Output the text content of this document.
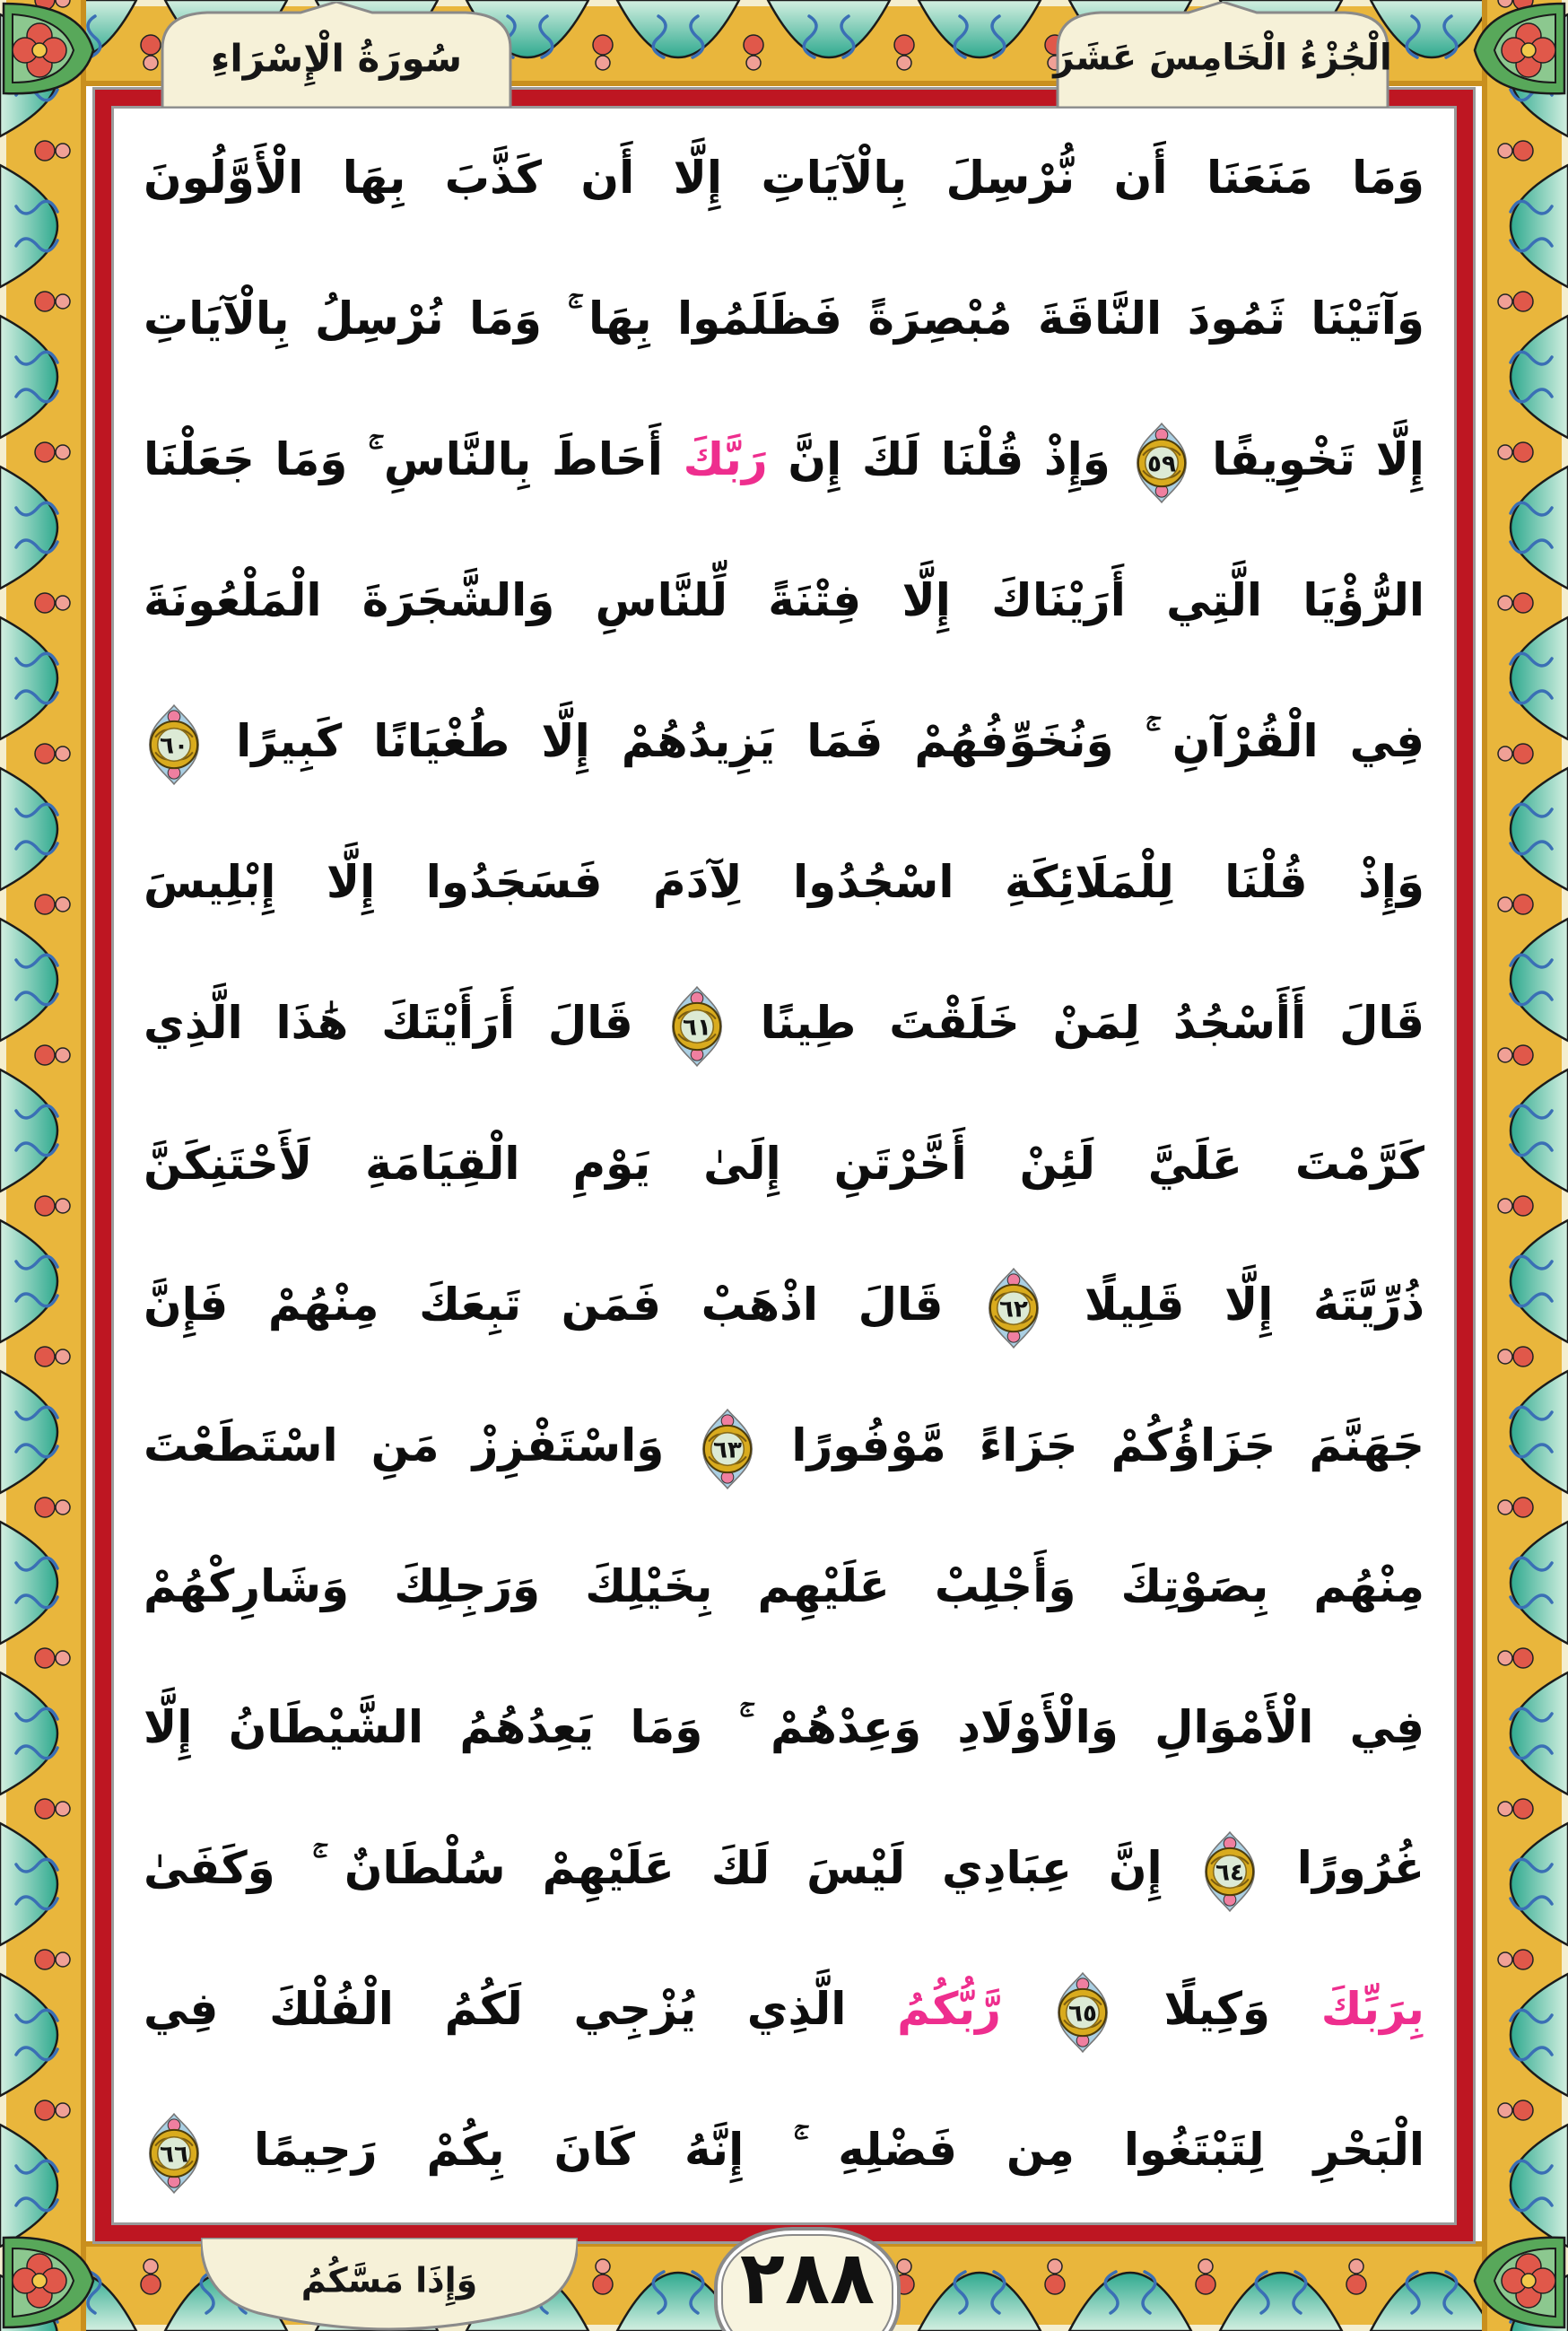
سُورَةُ الْإِسْرَاءِ	الْجُزْءُ الْخَامِسَ عَشَرَ
وَمَا مَنَعَنَا أَن نُّرْسِلَ بِالْآيَاتِ إِلَّا أَن كَذَّبَ بِهَا الْأَوَّلُونَ
وَآتَيْنَا ثَمُودَ النَّاقَةَ مُبْصِرَةً فَظَلَمُوا بِهَا ۚ وَمَا نُرْسِلُ بِالْآيَاتِ
إِلَّا تَخْوِيفًا
٥٩
وَإِذْ قُلْنَا لَكَ إِنَّ رَبَّكَ أَحَاطَ بِالنَّاسِ ۚ وَمَا جَعَلْنَا
الرُّؤْيَا الَّتِي أَرَيْنَاكَ إِلَّا فِتْنَةً لِّلنَّاسِ وَالشَّجَرَةَ الْمَلْعُونَةَ
فِي الْقُرْآنِ ۚ وَنُخَوِّفُهُمْ فَمَا يَزِيدُهُمْ إِلَّا طُغْيَانًا كَبِيرًا
٦٠
وَإِذْ قُلْنَا لِلْمَلَائِكَةِ اسْجُدُوا لِآدَمَ فَسَجَدُوا إِلَّا إِبْلِيسَ
قَالَ أَأَسْجُدُ لِمَنْ خَلَقْتَ طِينًا
٦١
قَالَ أَرَأَيْتَكَ هَٰذَا الَّذِي
كَرَّمْتَ عَلَيَّ لَئِنْ أَخَّرْتَنِ إِلَىٰ يَوْمِ الْقِيَامَةِ لَأَحْتَنِكَنَّ
ذُرِّيَّتَهُ إِلَّا قَلِيلًا
٦٢
قَالَ اذْهَبْ فَمَن تَبِعَكَ مِنْهُمْ فَإِنَّ
جَهَنَّمَ جَزَاؤُكُمْ جَزَاءً مَّوْفُورًا
٦٣
وَاسْتَفْزِزْ مَنِ اسْتَطَعْتَ
مِنْهُم بِصَوْتِكَ وَأَجْلِبْ عَلَيْهِم بِخَيْلِكَ وَرَجِلِكَ وَشَارِكْهُمْ
فِي الْأَمْوَالِ وَالْأَوْلَادِ وَعِدْهُمْ ۚ وَمَا يَعِدُهُمُ الشَّيْطَانُ إِلَّا
غُرُورًا
٦٤
إِنَّ عِبَادِي لَيْسَ لَكَ عَلَيْهِمْ سُلْطَانٌ ۚ وَكَفَىٰ
بِرَبِّكَ وَكِيلًا
٦٥
رَّبُّكُمُ الَّذِي يُزْجِي لَكُمُ الْفُلْكَ فِي
الْبَحْرِ لِتَبْتَغُوا مِن فَضْلِهِ ۚ إِنَّهُ كَانَ بِكُمْ رَحِيمًا
٦٦
وَإِذَا مَسَّكُمُ	٢٨٨
